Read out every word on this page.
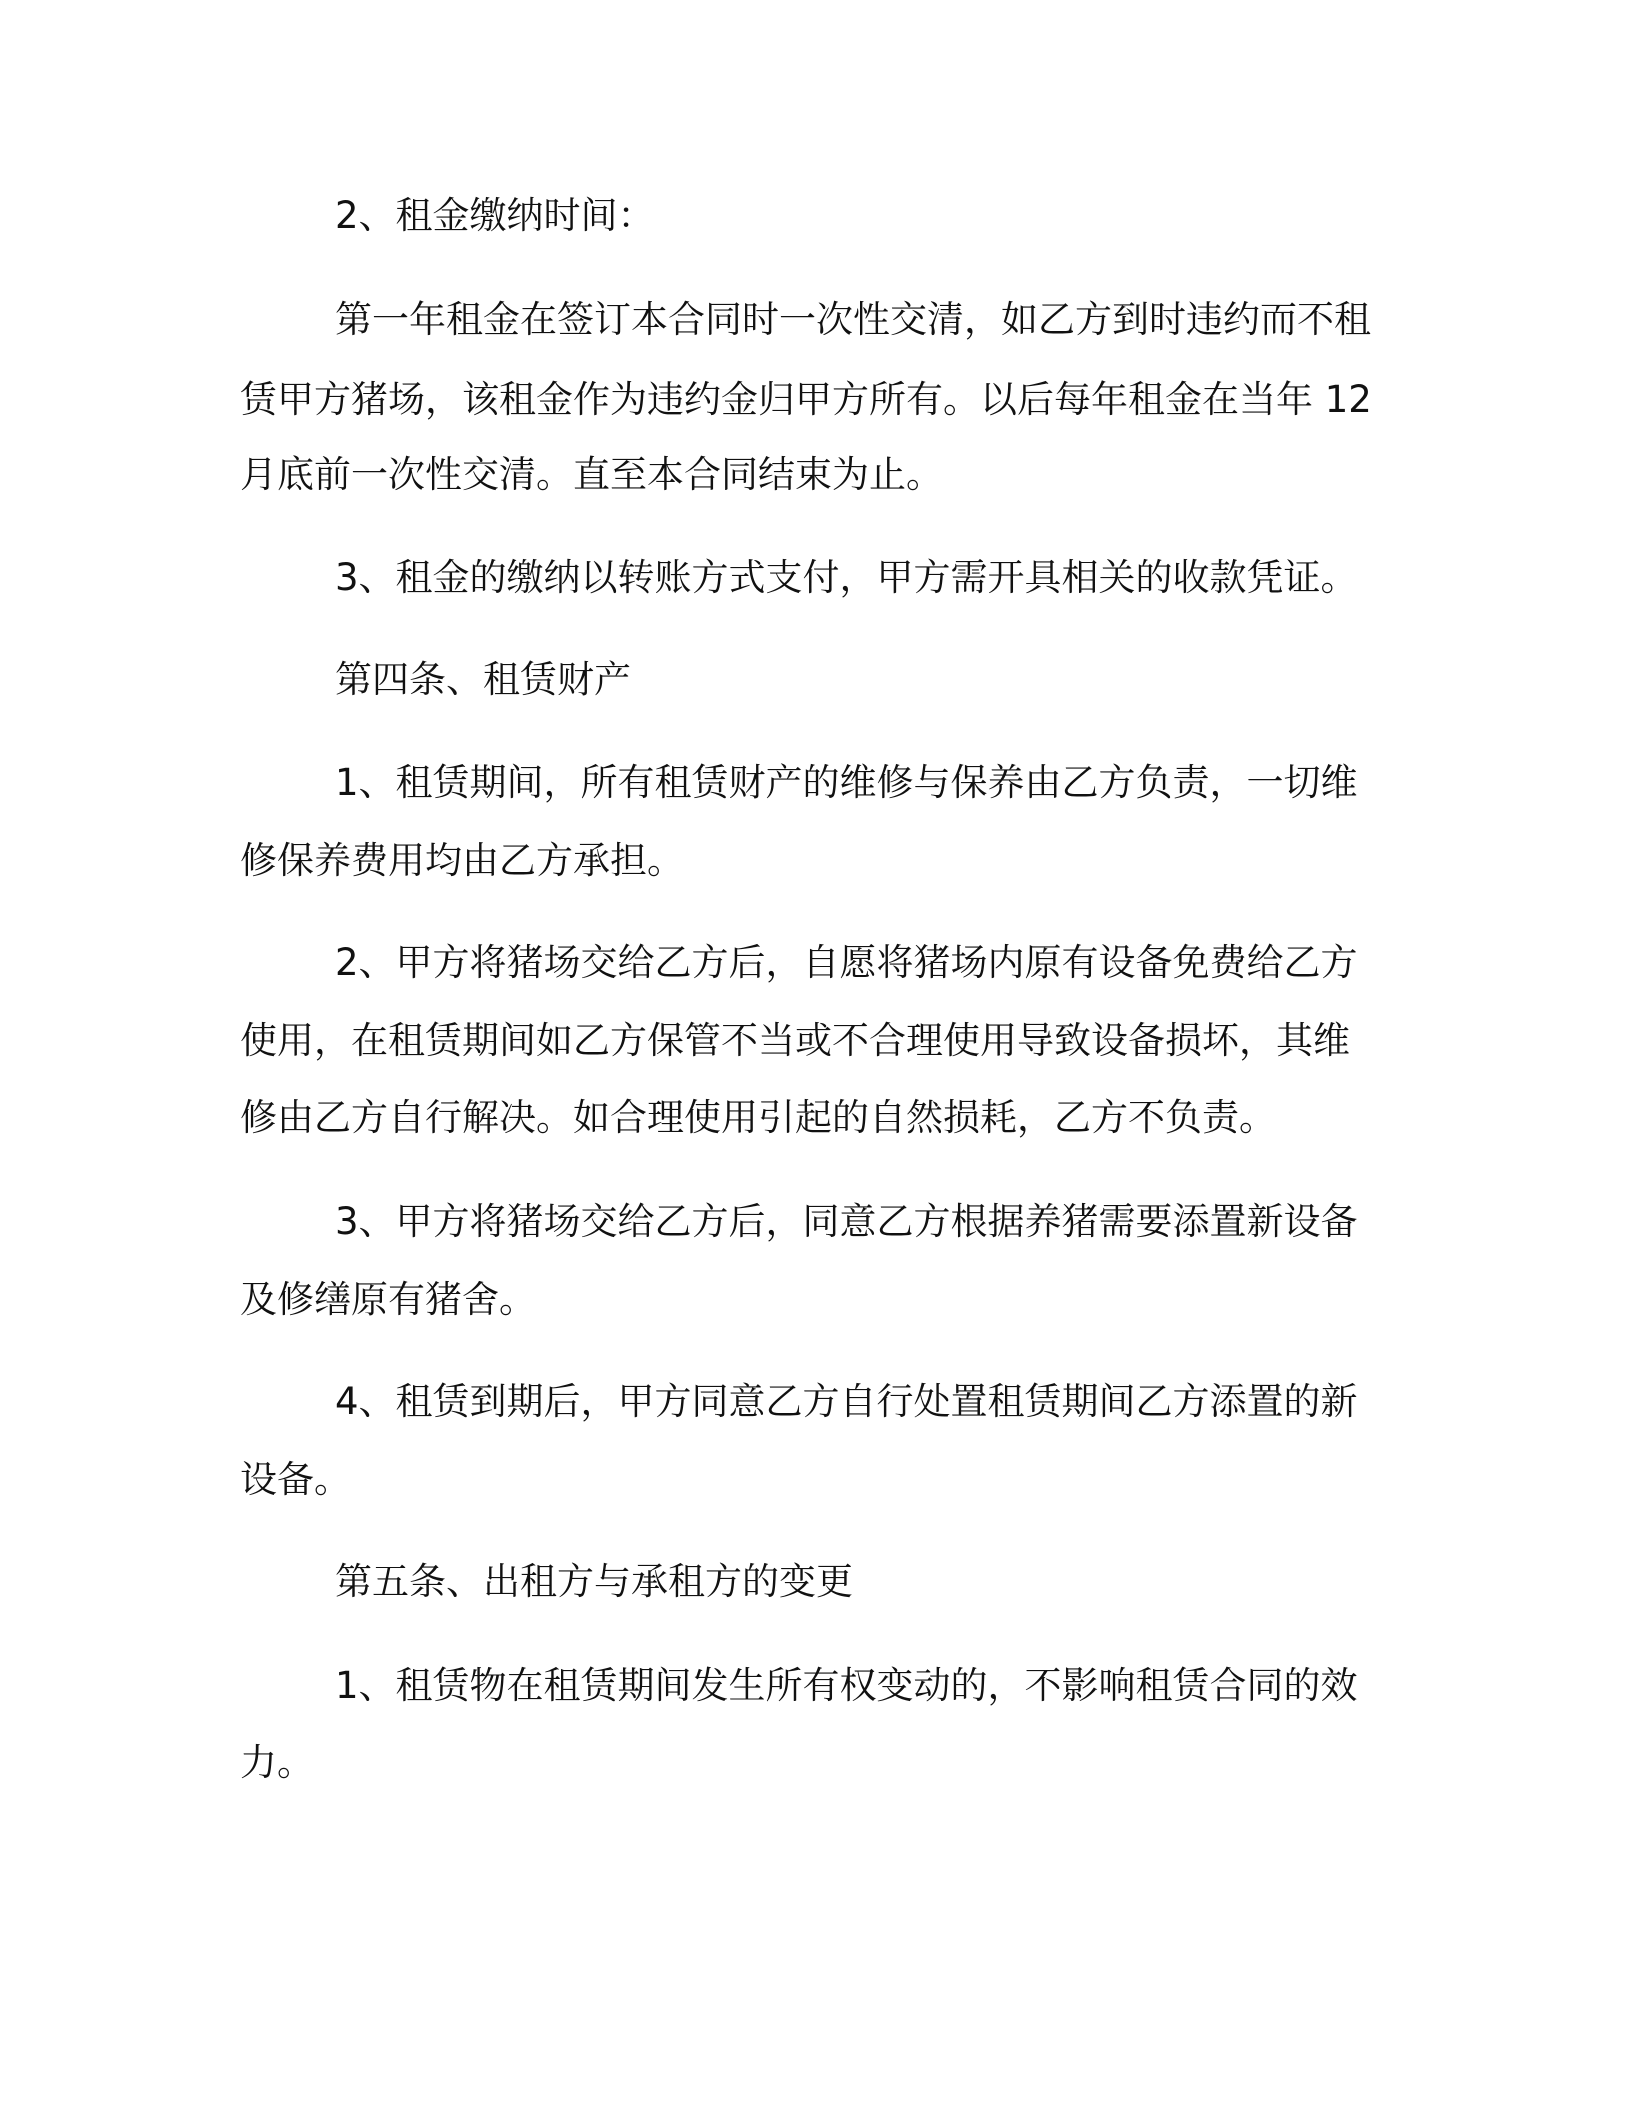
2、租金缴纳时间：
第一年租金在签订本合同时一次性交清，如乙方到时违约而不租
赁甲方猪场，该租金作为违约金归甲方所有。以后每年租金在当年 12
月底前一次性交清。直至本合同结束为止。
3、租金的缴纳以转账方式支付，甲方需开具相关的收款凭证。
第四条、租赁财产
1、租赁期间，所有租赁财产的维修与保养由乙方负责，一切维
修保养费用均由乙方承担。
2、甲方将猪场交给乙方后，自愿将猪场内原有设备免费给乙方
使用，在租赁期间如乙方保管不当或不合理使用导致设备损坏，其维
修由乙方自行解决。如合理使用引起的自然损耗，乙方不负责。
3、甲方将猪场交给乙方后，同意乙方根据养猪需要添置新设备
及修缮原有猪舍。
4、租赁到期后，甲方同意乙方自行处置租赁期间乙方添置的新
设备。
第五条、出租方与承租方的变更
1、租赁物在租赁期间发生所有权变动的，不影响租赁合同的效
力。
